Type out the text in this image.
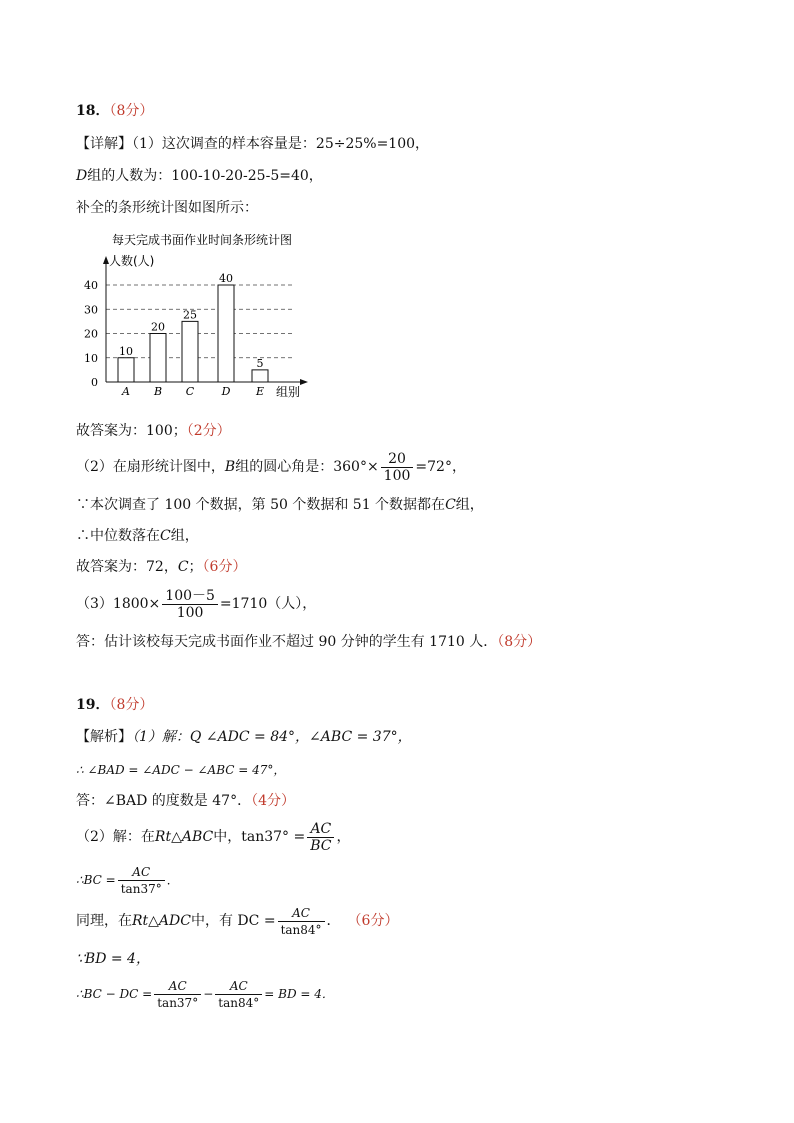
18．（8分）
【详解】（1）这次调查的样本容量是：25÷25%=100，
D组的人数为：100-10-20-25-5=40，
补全的条形统计图如图所示：
每天完成书面作业时间条形统计图
人数(人)
组别
0
10
20
30
40
10
A
20
B
25
C
40
D
5
E
故答案为：100；（2分）
（2）在扇形统计图中，B组的圆心角是：$360^\circ\times \frac{20}{100} =72^\circ$，
∵本次调查了 100 个数据，第 50 个数据和 51 个数据都在C组，
∴中位数落在C组，
故答案为：72，C；（6分）
$(3)1800\times \frac{100-5}{100} =1710$（人），
答：估计该校每天完成书面作业不超过 90 分钟的学生有 1710 人．（8分）
19．（8分）
【解析】（1）解：Q ∠ADC = 84°，∠ABC = 37°，
∴ ∠BAD = ∠ADC − ∠ABC = 47°，
答：∠BAD 的度数是 47°．（4分）
（2）解：在Rt△ABC中，$\tan 37^\circ = \frac{AC}{BC}$ ，
∴BC = $\frac{AC}{\tan 37^\circ}$ ．
同理，在Rt△ADC中，有 DC = $\frac{AC}{\tan 84^\circ}$ ． （6分）
∵BD = 4，
∴BC − DC = $\frac{AC}{\tan 37^\circ} - \frac{AC}{\tan 84^\circ}$ = BD = 4．
